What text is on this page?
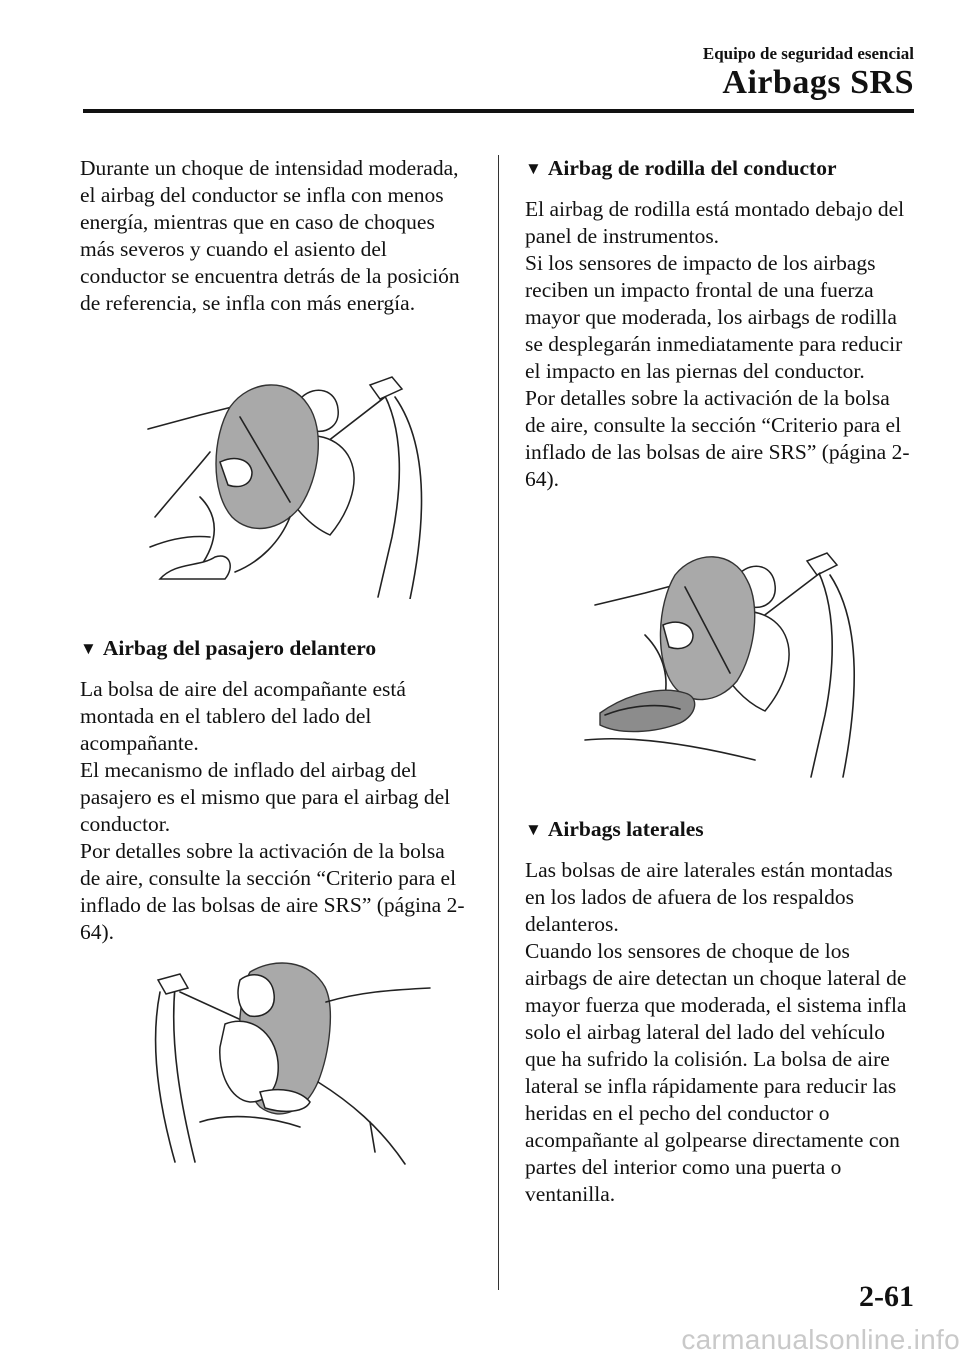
Equipo de seguridad esencial

Airbags SRS

Durante un choque de intensidad moderada, el airbag del conductor se infla con menos energía, mientras que en caso de choques más severos y cuando el asiento del conductor se encuentra detrás de la posición de referencia, se infla con más energía.

▼ Airbag del pasajero delantero

La bolsa de aire del acompañante está montada en el tablero del lado del acompañante.

El mecanismo de inflado del airbag del pasajero es el mismo que para el airbag del conductor.

Por detalles sobre la activación de la bolsa de aire, consulte la sección “Criterio para el inflado de las bolsas de aire SRS” (página 2-64).

▼ Airbag de rodilla del conductor

El airbag de rodilla está montado debajo del panel de instrumentos.

Si los sensores de impacto de los airbags reciben un impacto frontal de una fuerza mayor que moderada, los airbags de rodilla se desplegarán inmediatamente para reducir el impacto en las piernas del conductor.

Por detalles sobre la activación de la bolsa de aire, consulte la sección “Criterio para el inflado de las bolsas de aire SRS” (página 2-64).

▼ Airbags laterales

Las bolsas de aire laterales están montadas en los lados de afuera de los respaldos delanteros.

Cuando los sensores de choque de los airbags de aire detectan un choque lateral de mayor fuerza que moderada, el sistema infla solo el airbag lateral del lado del vehículo que ha sufrido la colisión. La bolsa de aire lateral se infla rápidamente para reducir las heridas en el pecho del conductor o acompañante al golpearse directamente con partes del interior como una puerta o ventanilla.

2-61

carmanualsonline.info
